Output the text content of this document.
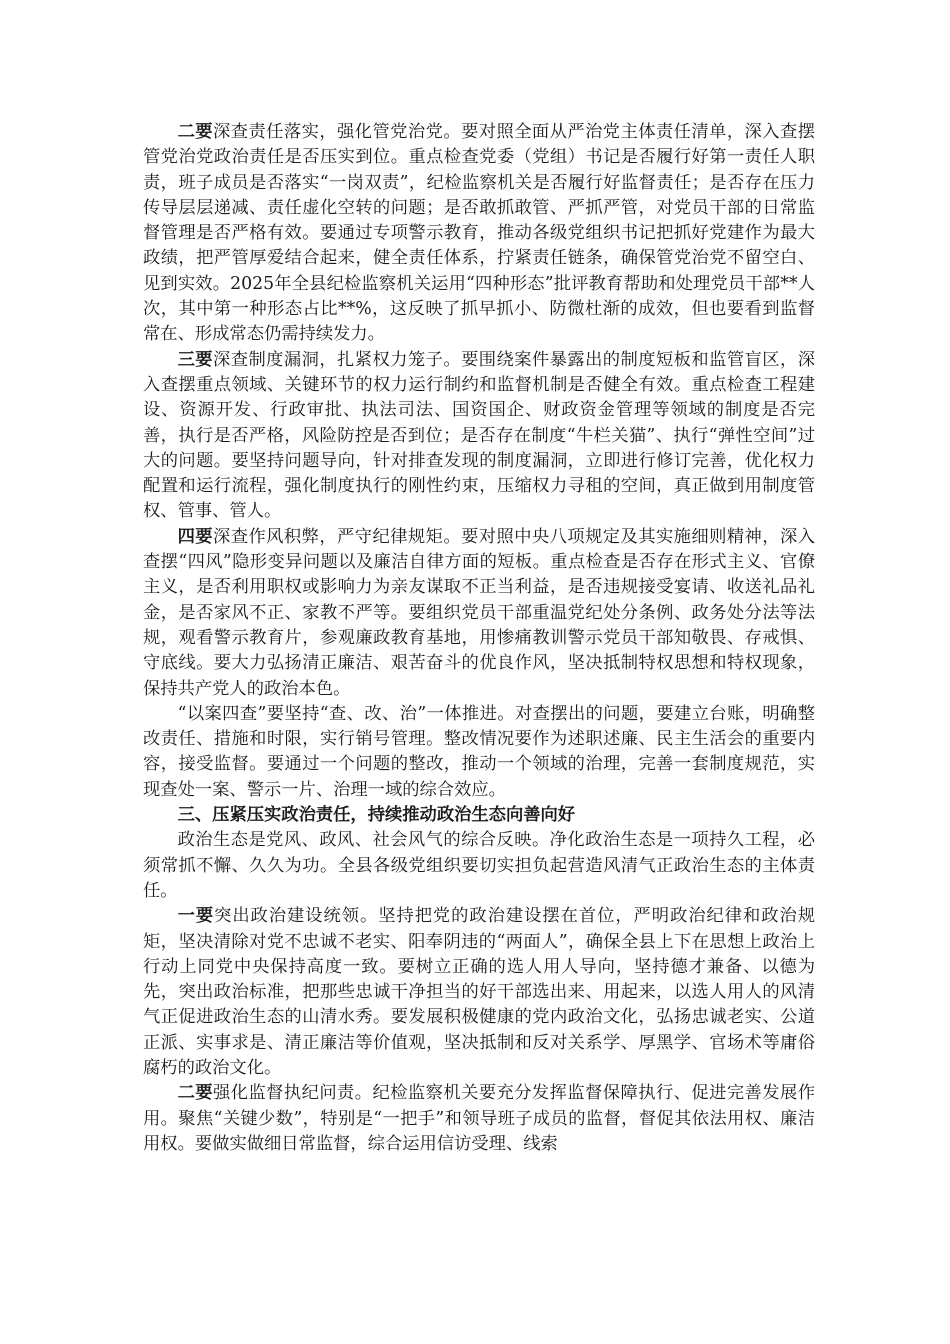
二要深查责任落实，强化管党治党。要对照全面从严治党主体责任清单，深入查摆管党治党政治责任是否压实到位。重点检查党委（党组）书记是否履行好第一责任人职责，班子成员是否落实“一岗双责”，纪检监察机关是否履行好监督责任；是否存在压力传导层层递减、责任虚化空转的问题；是否敢抓敢管、严抓严管，对党员干部的日常监督管理是否严格有效。要通过专项警示教育，推动各级党组织书记把抓好党建作为最大政绩，把严管厚爱结合起来，健全责任体系，拧紧责任链条，确保管党治党不留空白、见到实效。2025年全县纪检监察机关运用“四种形态”批评教育帮助和处理党员干部**人次，其中第一种形态占比**%，这反映了抓早抓小、防微杜渐的成效，但也要看到监督常在、形成常态仍需持续发力。

三要深查制度漏洞，扎紧权力笼子。要围绕案件暴露出的制度短板和监管盲区，深入查摆重点领域、关键环节的权力运行制约和监督机制是否健全有效。重点检查工程建设、资源开发、行政审批、执法司法、国资国企、财政资金管理等领域的制度是否完善，执行是否严格，风险防控是否到位；是否存在制度“牛栏关猫”、执行“弹性空间”过大的问题。要坚持问题导向，针对排查发现的制度漏洞，立即进行修订完善，优化权力配置和运行流程，强化制度执行的刚性约束，压缩权力寻租的空间，真正做到用制度管权、管事、管人。

四要深查作风积弊，严守纪律规矩。要对照中央八项规定及其实施细则精神，深入查摆“四风”隐形变异问题以及廉洁自律方面的短板。重点检查是否存在形式主义、官僚主义，是否利用职权或影响力为亲友谋取不正当利益，是否违规接受宴请、收送礼品礼金，是否家风不正、家教不严等。要组织党员干部重温党纪处分条例、政务处分法等法规，观看警示教育片，参观廉政教育基地，用惨痛教训警示党员干部知敬畏、存戒惧、守底线。要大力弘扬清正廉洁、艰苦奋斗的优良作风，坚决抵制特权思想和特权现象，保持共产党人的政治本色。

“以案四查”要坚持“查、改、治”一体推进。对查摆出的问题，要建立台账，明确整改责任、措施和时限，实行销号管理。整改情况要作为述职述廉、民主生活会的重要内容，接受监督。要通过一个问题的整改，推动一个领域的治理，完善一套制度规范，实现查处一案、警示一片、治理一域的综合效应。

三、压紧压实政治责任，持续推动政治生态向善向好

政治生态是党风、政风、社会风气的综合反映。净化政治生态是一项持久工程，必须常抓不懈、久久为功。全县各级党组织要切实担负起营造风清气正政治生态的主体责任。

一要突出政治建设统领。坚持把党的政治建设摆在首位，严明政治纪律和政治规矩，坚决清除对党不忠诚不老实、阳奉阴违的“两面人”，确保全县上下在思想上政治上行动上同党中央保持高度一致。要树立正确的选人用人导向，坚持德才兼备、以德为先，突出政治标准，把那些忠诚干净担当的好干部选出来、用起来，以选人用人的风清气正促进政治生态的山清水秀。要发展积极健康的党内政治文化，弘扬忠诚老实、公道正派、实事求是、清正廉洁等价值观，坚决抵制和反对关系学、厚黑学、官场术等庸俗腐朽的政治文化。

二要强化监督执纪问责。纪检监察机关要充分发挥监督保障执行、促进完善发展作用。聚焦“关键少数”，特别是“一把手”和领导班子成员的监督，督促其依法用权、廉洁用权。要做实做细日常监督，综合运用信访受理、线索
